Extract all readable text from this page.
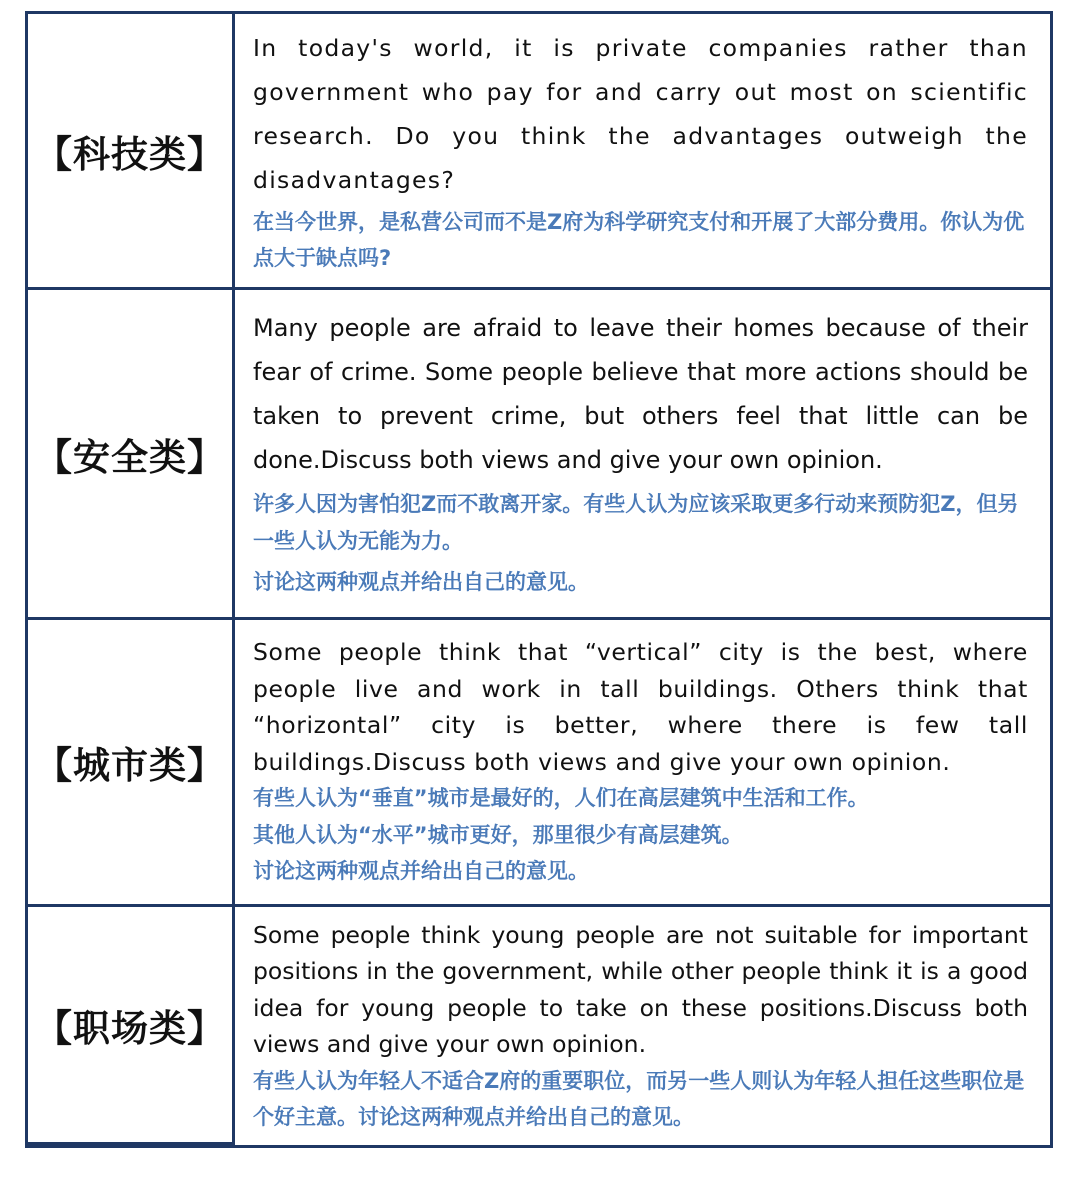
【科技类】

In today's world, it is private companies rather than government who pay for and carry out most on scientific research. Do you think the advantages outweigh the disadvantages?

在当今世界，是私营公司而不是Z府为科学研究支付和开展了大部分费用。你认为优点大于缺点吗?

【安全类】

Many people are afraid to leave their homes because of their fear of crime. Some people believe that more actions should be taken to prevent crime, but others feel that little can be done.Discuss both views and give your own opinion.

许多人因为害怕犯Z而不敢离开家。有些人认为应该采取更多行动来预防犯Z，但另一些人认为无能为力。

讨论这两种观点并给出自己的意见。

【城市类】

Some people think that “vertical” city is the best, where people live and work in tall buildings. Others think that “horizontal” city is better, where there is few tall buildings.Discuss both views and give your own opinion.

有些人认为“垂直”城市是最好的，人们在高层建筑中生活和工作。

其他人认为“水平”城市更好，那里很少有高层建筑。

讨论这两种观点并给出自己的意见。

【职场类】

Some people think young people are not suitable for important positions in the government, while other people think it is a good idea for young people to take on these positions.Discuss both views and give your own opinion.

有些人认为年轻人不适合Z府的重要职位，而另一些人则认为年轻人担任这些职位是个好主意。讨论这两种观点并给出自己的意见。
